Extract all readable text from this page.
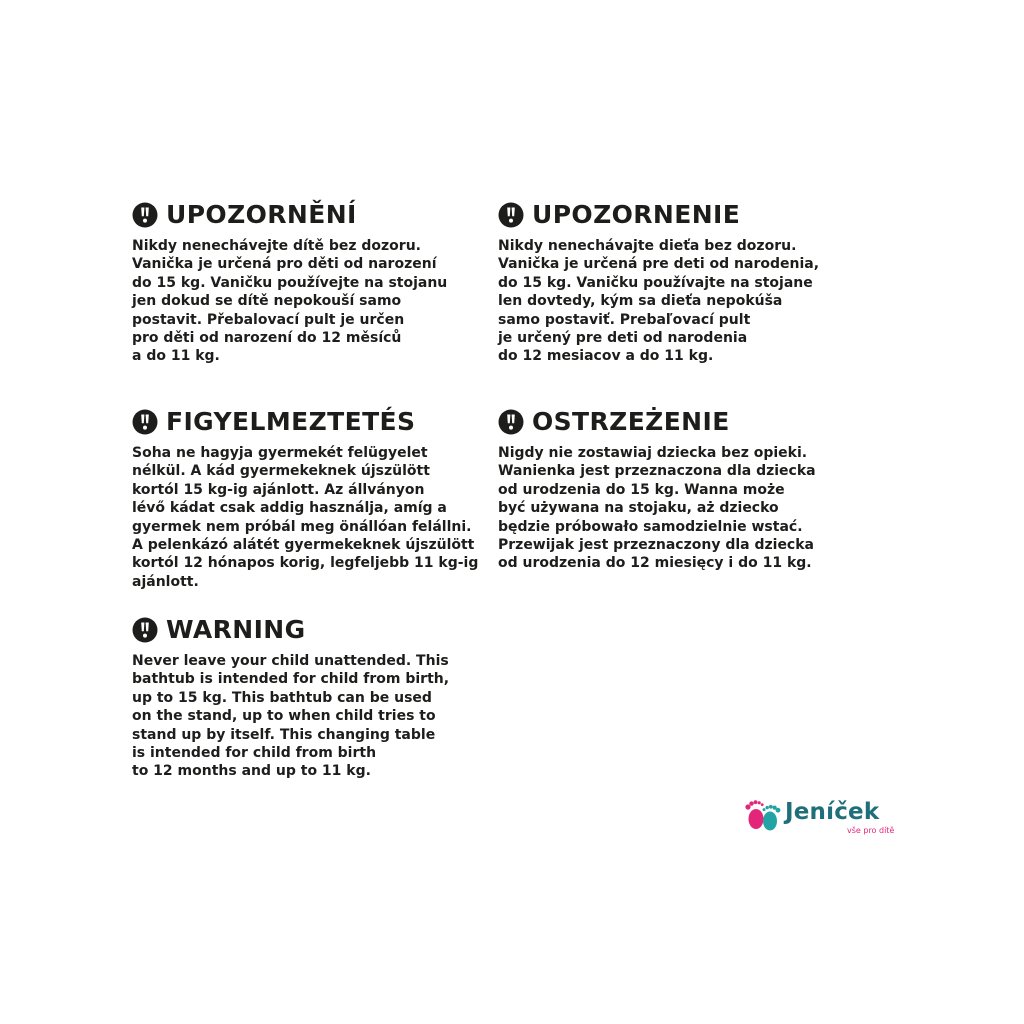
UPOZORNĚNÍ
Nikdy nenechávejte dítě bez dozoru.
Vanička je určená pro děti od narození
do 15 kg. Vaničku používejte na stojanu
jen dokud se dítě nepokouší samo
postavit. Přebalovací pult je určen
pro děti od narození do 12 měsíců
a do 11 kg.
UPOZORNENIE
Nikdy nenechávajte dieťa bez dozoru.
Vanička je určená pre deti od narodenia,
do 15 kg. Vaničku používajte na stojane
len dovtedy, kým sa dieťa nepokúša
samo postaviť. Prebaľovací pult
je určený pre deti od narodenia
do 12 mesiacov a do 11 kg.
FIGYELMEZTETÉS
Soha ne hagyja gyermekét felügyelet
nélkül. A kád gyermekeknek újszülött
kortól 15 kg-ig ajánlott. Az állványon
lévő kádat csak addig használja, amíg a
gyermek nem próbál meg önállóan felállni.
A pelenkázó alátét gyermekeknek újszülött
kortól 12 hónapos korig, legfeljebb 11 kg-ig
ajánlott.
OSTRZEŻENIE
Nigdy nie zostawiaj dziecka bez opieki.
Wanienka jest przeznaczona dla dziecka
od urodzenia do 15 kg. Wanna może
być używana na stojaku, aż dziecko
będzie próbowało samodzielnie wstać.
Przewijak jest przeznaczony dla dziecka
od urodzenia do 12 miesięcy i do 11 kg.
WARNING
Never leave your child unattended. This
bathtub is intended for child from birth,
up to 15 kg. This bathtub can be used
on the stand, up to when child tries to
stand up by itself. This changing table
is intended for child from birth
to 12 months and up to 11 kg.
Jeníček
vše pro dítě
